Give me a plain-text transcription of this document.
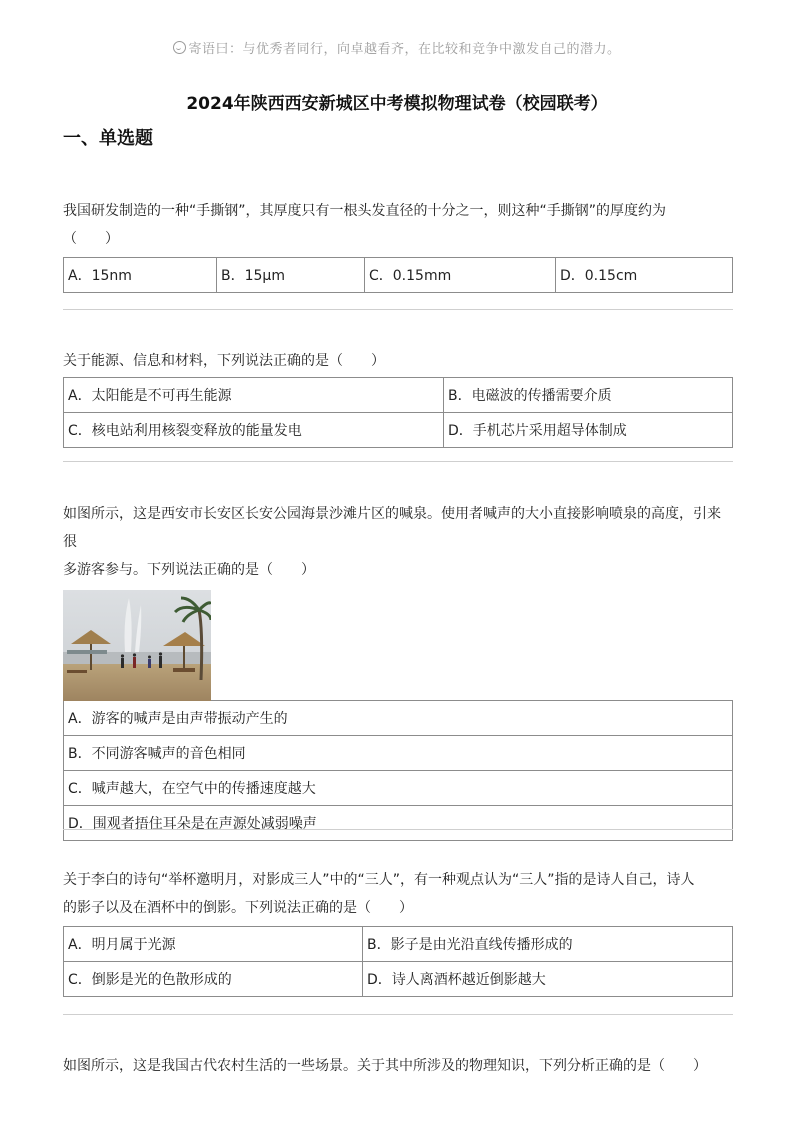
寄语曰：与优秀者同行，向卓越看齐，在比较和竞争中激发自己的潜力。
2024年陕西西安新城区中考模拟物理试卷（校园联考）
一、单选题

我国研发制造的一种“手撕钢”，其厚度只有一根头发直径的十分之一，则这种“手撕钢”的厚度约为
（　　）

A．15nm	B．15μm	C．0.15mm	D．0.15cm

关于能源、信息和材料，下列说法正确的是（　　）

A．太阳能是不可再生能源	B．电磁波的传播需要介质
C．核电站利用核裂变释放的能量发电	D．手机芯片采用超导体制成

如图所示，这是西安市长安区长安公园海景沙滩片区的喊泉。使用者喊声的大小直接影响喷泉的高度，引来很
多游客参与。下列说法正确的是（　　）

A．游客的喊声是由声带振动产生的
B．不同游客喊声的音色相同
C．喊声越大，在空气中的传播速度越大
D．围观者捂住耳朵是在声源处减弱噪声

关于李白的诗句“举杯邀明月，对影成三人”中的“三人”，有一种观点认为“三人”指的是诗人自己，诗人
的影子以及在酒杯中的倒影。下列说法正确的是（　　）

A．明月属于光源	B．影子是由光沿直线传播形成的
C．倒影是光的色散形成的	D．诗人离酒杯越近倒影越大

如图所示，这是我国古代农村生活的一些场景。关于其中所涉及的物理知识，下列分析正确的是（　　）
